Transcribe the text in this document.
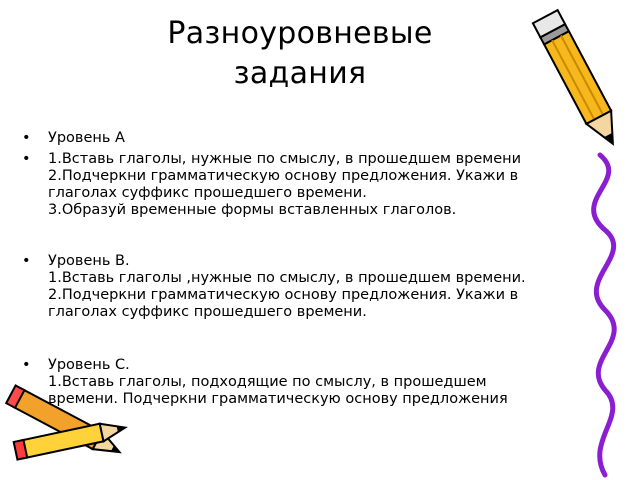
Разноуровневые
задания
• Уровень А
• 1.Вставь глаголы, нужные по смыслу, в прошедшем времени
2.Подчеркни грамматическую основу предложения. Укажи в
глаголах суффикс прошедшего времени.
3.Образуй временные формы вставленных глаголов.
• Уровень В.
1.Вставь глаголы ,нужные по смыслу, в прошедшем времени.
2.Подчеркни грамматическую основу предложения. Укажи в
глаголах суффикс прошедшего времени.
• Уровень С.
1.Вставь глаголы, подходящие по смыслу, в прошедшем
времени. Подчеркни грамматическую основу предложения
